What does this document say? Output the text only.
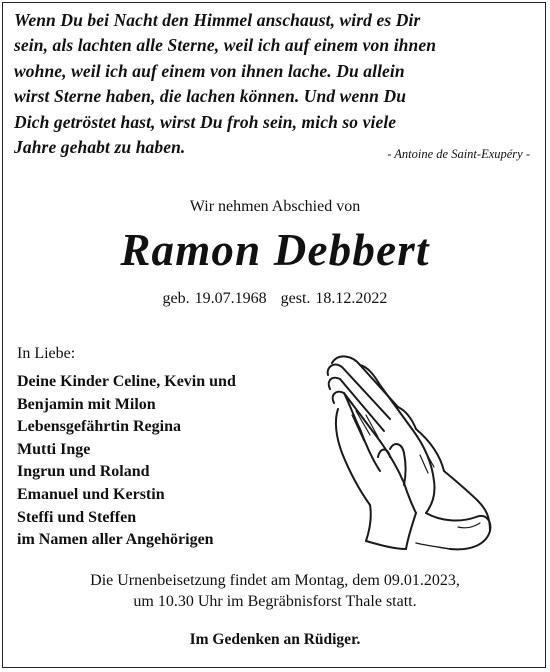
Wenn Du bei Nacht den Himmel anschaust, wird es Dir
sein, als lachten alle Sterne, weil ich auf einem von ihnen
wohne, weil ich auf einem von ihnen lache. Du allein
wirst Sterne haben, die lachen können. Und wenn Du
Dich getröstet hast, wirst Du froh sein, mich so viele
Jahre gehabt zu haben.	- Antoine de Saint-Exupéry -
Wir nehmen Abschied von
Ramon Debbert
geb. 19.07.1968 gest. 18.12.2022
In Liebe:
Deine Kinder Celine, Kevin und
Benjamin mit Milon
Lebensgefährtin Regina
Mutti Inge
Ingrun und Roland
Emanuel und Kerstin
Steffi und Steffen
im Namen aller Angehörigen
Die Urnenbeisetzung findet am Montag, dem 09.01.2023,
um 10.30 Uhr im Begräbnisforst Thale statt.
Im Gedenken an Rüdiger.
